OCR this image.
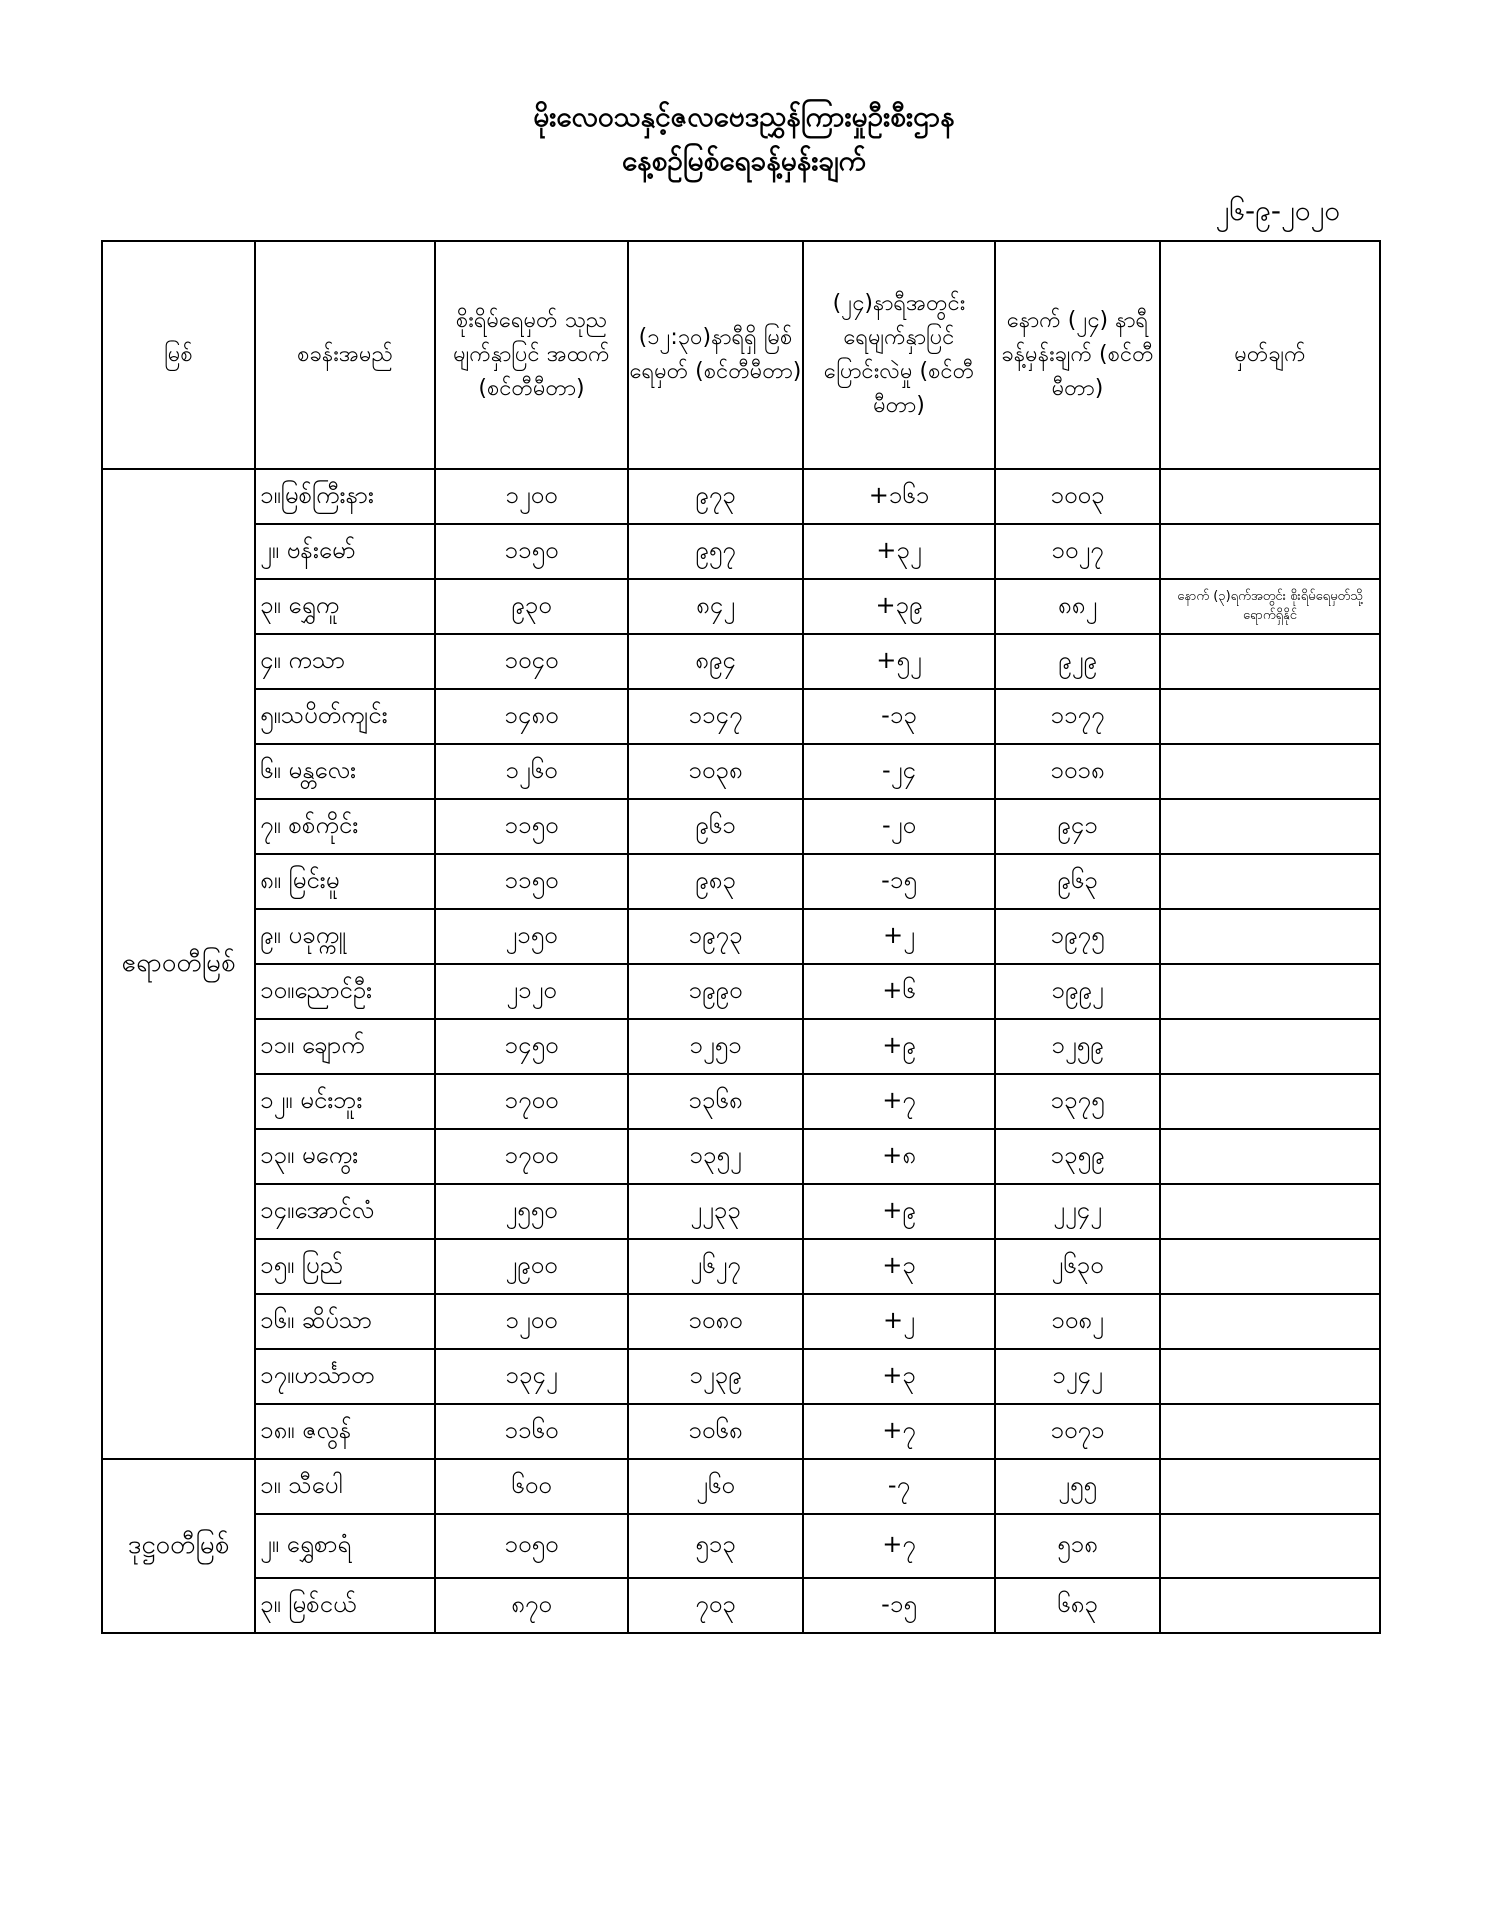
မိုးလေဝသနှင့်ဇလဗေဒညွှန်ကြားမှုဦးစီးဌာန
နေ့စဉ်မြစ်ရေခန့်မှန်းချက်
၂၆-၉-၂၀၂၀
မြစ်	စခန်းအမည်	စိုးရိမ်ရေမှတ် သုညမျက်နှာပြင် အထက် (စင်တီမီတာ)	(၁၂:၃၀)နာရီရှိ မြစ်ရေမှတ် (စင်တီမီတာ)	(၂၄)နာရီအတွင်း ရေမျက်နှာပြင် ပြောင်းလဲမှု (စင်တီမီတာ)	နောက် (၂၄) နာရီ ခန့်မှန်းချက် (စင်တီမီတာ)	မှတ်ချက်
ဧရာဝတီမြစ်	၁။မြစ်ကြီးနား	၁၂၀၀	၉၇၃	+၁၆၁	၁၀၀၃	
	၂။ ဗန်းမော်	၁၁၅၀	၉၅၇	+၃၂	၁၀၂၇	
	၃။ ရွှေကူ	၉၃၀	၈၄၂	+၃၉	၈၈၂	နောက် (၃)ရက်အတွင်း စိုးရိမ်ရေမှတ်သို့ ရောက်ရှိနိုင်
	၄။ ကသာ	၁၀၄၀	၈၉၄	+၅၂	၉၂၉	
	၅။သပိတ်ကျင်း	၁၄၈၀	၁၁၄၇	-၁၃	၁၁၇၇	
	၆။ မန္တလေး	၁၂၆၀	၁၀၃၈	-၂၄	၁၀၁၈	
	၇။ စစ်ကိုင်း	၁၁၅၀	၉၆၁	-၂၀	၉၄၁	
	၈။ မြင်းမူ	၁၁၅၀	၉၈၃	-၁၅	၉၆၃	
	၉။ ပခုက္ကူ	၂၁၅၀	၁၉၇၃	+၂	၁၉၇၅	
	၁၀။ညောင်ဦး	၂၁၂၀	၁၉၉၀	+၆	၁၉၉၂	
	၁၁။ ချောက်	၁၄၅၀	၁၂၅၁	+၉	၁၂၅၉	
	၁၂။ မင်းဘူး	၁၇၀၀	၁၃၆၈	+၇	၁၃၇၅	
	၁၃။ မကွေး	၁၇၀၀	၁၃၅၂	+၈	၁၃၅၉	
	၁၄။အောင်လံ	၂၅၅၀	၂၂၃၃	+၉	၂၂၄၂	
	၁၅။ ပြည်	၂၉၀၀	၂၆၂၇	+၃	၂၆၃၀	
	၁၆။ ဆိပ်သာ	၁၂၀၀	၁၀၈၀	+၂	၁၀၈၂	
	၁၇။ဟင်္သာတ	၁၃၄၂	၁၂၃၉	+၃	၁၂၄၂	
	၁၈။ ဇလွန်	၁၁၆၀	၁၀၆၈	+၇	၁၀၇၁	
ဒုဋ္ဌဝတီမြစ်	၁။ သီပေါ	၆၀၀	၂၆၀	-၇	၂၅၅	
	၂။ ရွှေစာရံ	၁၀၅၀	၅၁၃	+၇	၅၁၈	
	၃။ မြစ်ငယ်	၈၇၀	၇၀၃	-၁၅	၆၈၃	
